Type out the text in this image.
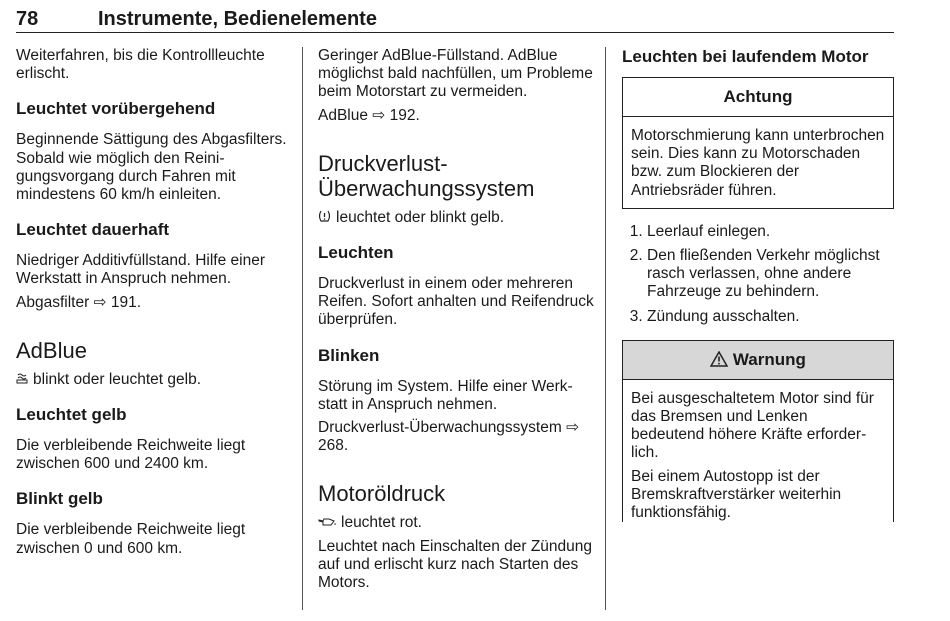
78	Instrumente, Bedienelemente

Weiterfahren, bis die Kontrollleuchte erlischt.

Leuchtet vorübergehend

Beginnende Sättigung des Abgasfilters. Sobald wie möglich den Reinigungsvorgang durch Fahren mit mindestens 60 km/h einleiten.

Leuchtet dauerhaft

Niedriger Additivfüllstand. Hilfe einer Werkstatt in Anspruch nehmen.

Abgasfilter ⇨ 191.

AdBlue

blinkt oder leuchtet gelb.

Leuchtet gelb

Die verbleibende Reichweite liegt zwischen 600 und 2400 km.

Blinkt gelb

Die verbleibende Reichweite liegt zwischen 0 und 600 km.

Geringer AdBlue-Füllstand. AdBlue möglichst bald nachfüllen, um Probleme beim Motorstart zu vermeiden.

AdBlue ⇨ 192.

Druckverlust-Überwachungssystem

leuchtet oder blinkt gelb.

Leuchten

Druckverlust in einem oder mehreren Reifen. Sofort anhalten und Reifendruck überprüfen.

Blinken

Störung im System. Hilfe einer Werkstatt in Anspruch nehmen.

Druckverlust-Überwachungssystem ⇨ 268.

Motoröldruck

leuchtet rot.

Leuchtet nach Einschalten der Zündung auf und erlischt kurz nach Starten des Motors.

Leuchten bei laufendem Motor
Achtung

Motorschmierung kann unterbrochen sein. Dies kann zu Motorschaden bzw. zum Blockieren der Antriebsräder führen.

1. Leerlauf einlegen.
2. Den fließenden Verkehr möglichst rasch verlassen, ohne andere Fahrzeuge zu behindern.
3. Zündung ausschalten.
Warnung

Bei ausgeschaltetem Motor sind für das Bremsen und Lenken bedeutend höhere Kräfte erforderlich.

Bei einem Autostopp ist der Bremskraftverstärker weiterhin funktionsfähig.
